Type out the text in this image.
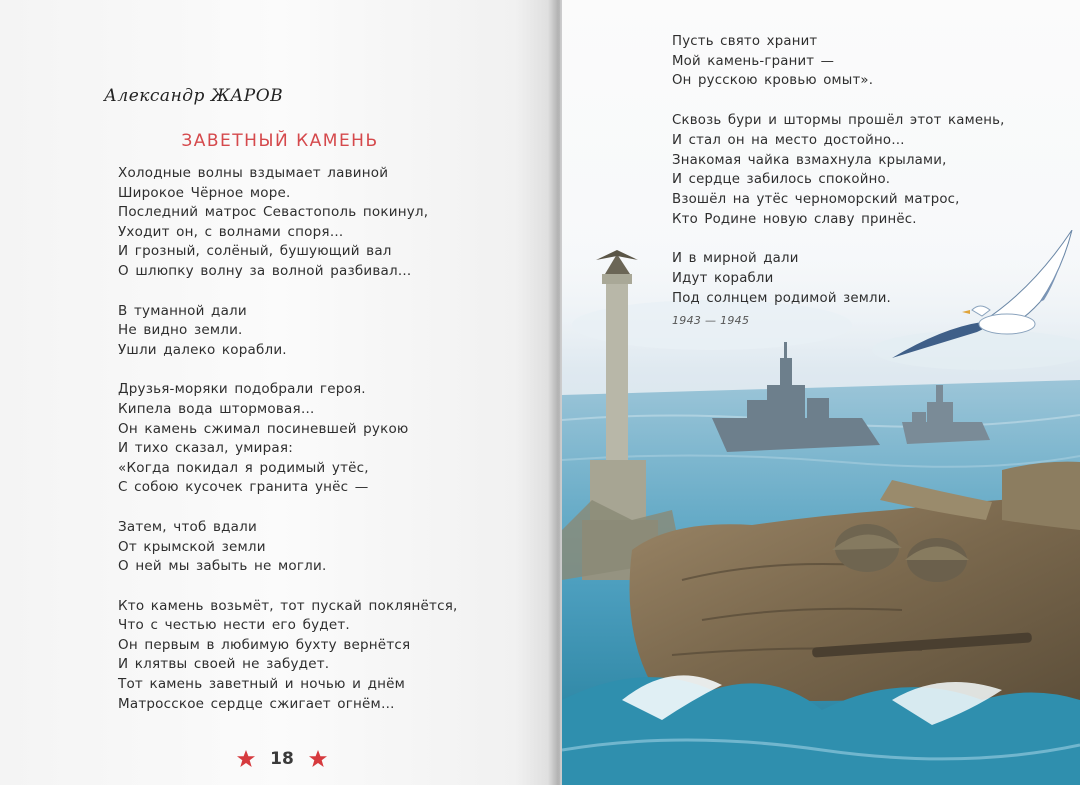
Александр ЖАРОВ
ЗАВЕТНЫЙ КАМЕНЬ
Холодные волны вздымает лавиной
Широкое Чёрное море.
Последний матрос Севастополь покинул,
Уходит он, с волнами споря…
И грозный, солёный, бушующий вал
О шлюпку волну за волной разбивал…
В туманной дали
Не видно земли.
Ушли далеко корабли.
Друзья-моряки подобрали героя.
Кипела вода штормовая…
Он камень сжимал посиневшей рукою
И тихо сказал, умирая:
«Когда покидал я родимый утёс,
С собою кусочек гранита унёс —
Затем, чтоб вдали
От крымской земли
О ней мы забыть не могли.
Кто камень возьмёт, тот пускай поклянётся,
Что с честью нести его будет.
Он первым в любимую бухту вернётся
И клятвы своей не забудет.
Тот камень заветный и ночью и днём
Матросское сердце сжигает огнём…
18
Пусть свято хранит
Мой камень-гранит —
Он русскою кровью омыт».
Сквозь бури и штормы прошёл этот камень,
И стал он на место достойно…
Знакомая чайка взмахнула крылами,
И сердце забилось спокойно.
Взошёл на утёс черноморский матрос,
Кто Родине новую славу принёс.
И в мирной дали
Идут корабли
Под солнцем родимой земли.
1943 — 1945
